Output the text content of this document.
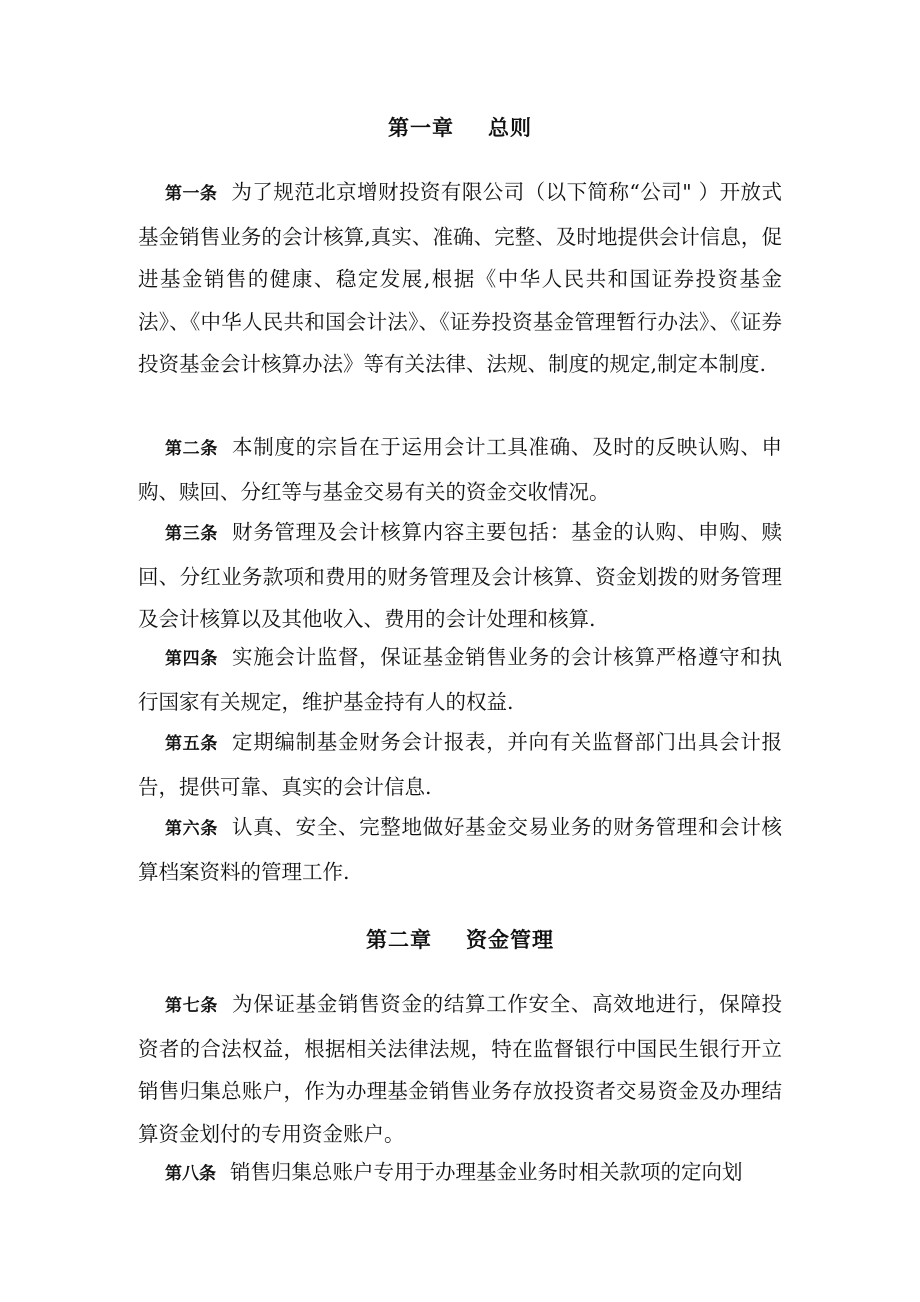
第一章 总则

第一条 为了规范北京增财投资有限公司（以下简称“公司" ）开放式基金销售业务的会计核算,真实、准确、完整、及时地提供会计信息，促进基金销售的健康、稳定发展,根据《中华人民共和国证券投资基金法》、《中华人民共和国会计法》、《证券投资基金管理暂行办法》、《证券投资基金会计核算办法》等有关法律、法规、制度的规定,制定本制度.

第二条 本制度的宗旨在于运用会计工具准确、及时的反映认购、申购、赎回、分红等与基金交易有关的资金交收情况。

第三条 财务管理及会计核算内容主要包括：基金的认购、申购、赎回、分红业务款项和费用的财务管理及会计核算、资金划拨的财务管理及会计核算以及其他收入、费用的会计处理和核算.

第四条 实施会计监督，保证基金销售业务的会计核算严格遵守和执行国家有关规定，维护基金持有人的权益.

第五条 定期编制基金财务会计报表，并向有关监督部门出具会计报告，提供可靠、真实的会计信息.

第六条 认真、安全、完整地做好基金交易业务的财务管理和会计核算档案资料的管理工作.

第二章 资金管理

第七条 为保证基金销售资金的结算工作安全、高效地进行，保障投资者的合法权益，根据相关法律法规，特在监督银行中国民生银行开立销售归集总账户，作为办理基金销售业务存放投资者交易资金及办理结算资金划付的专用资金账户。

第八条 销售归集总账户专用于办理基金业务时相关款项的定向划
